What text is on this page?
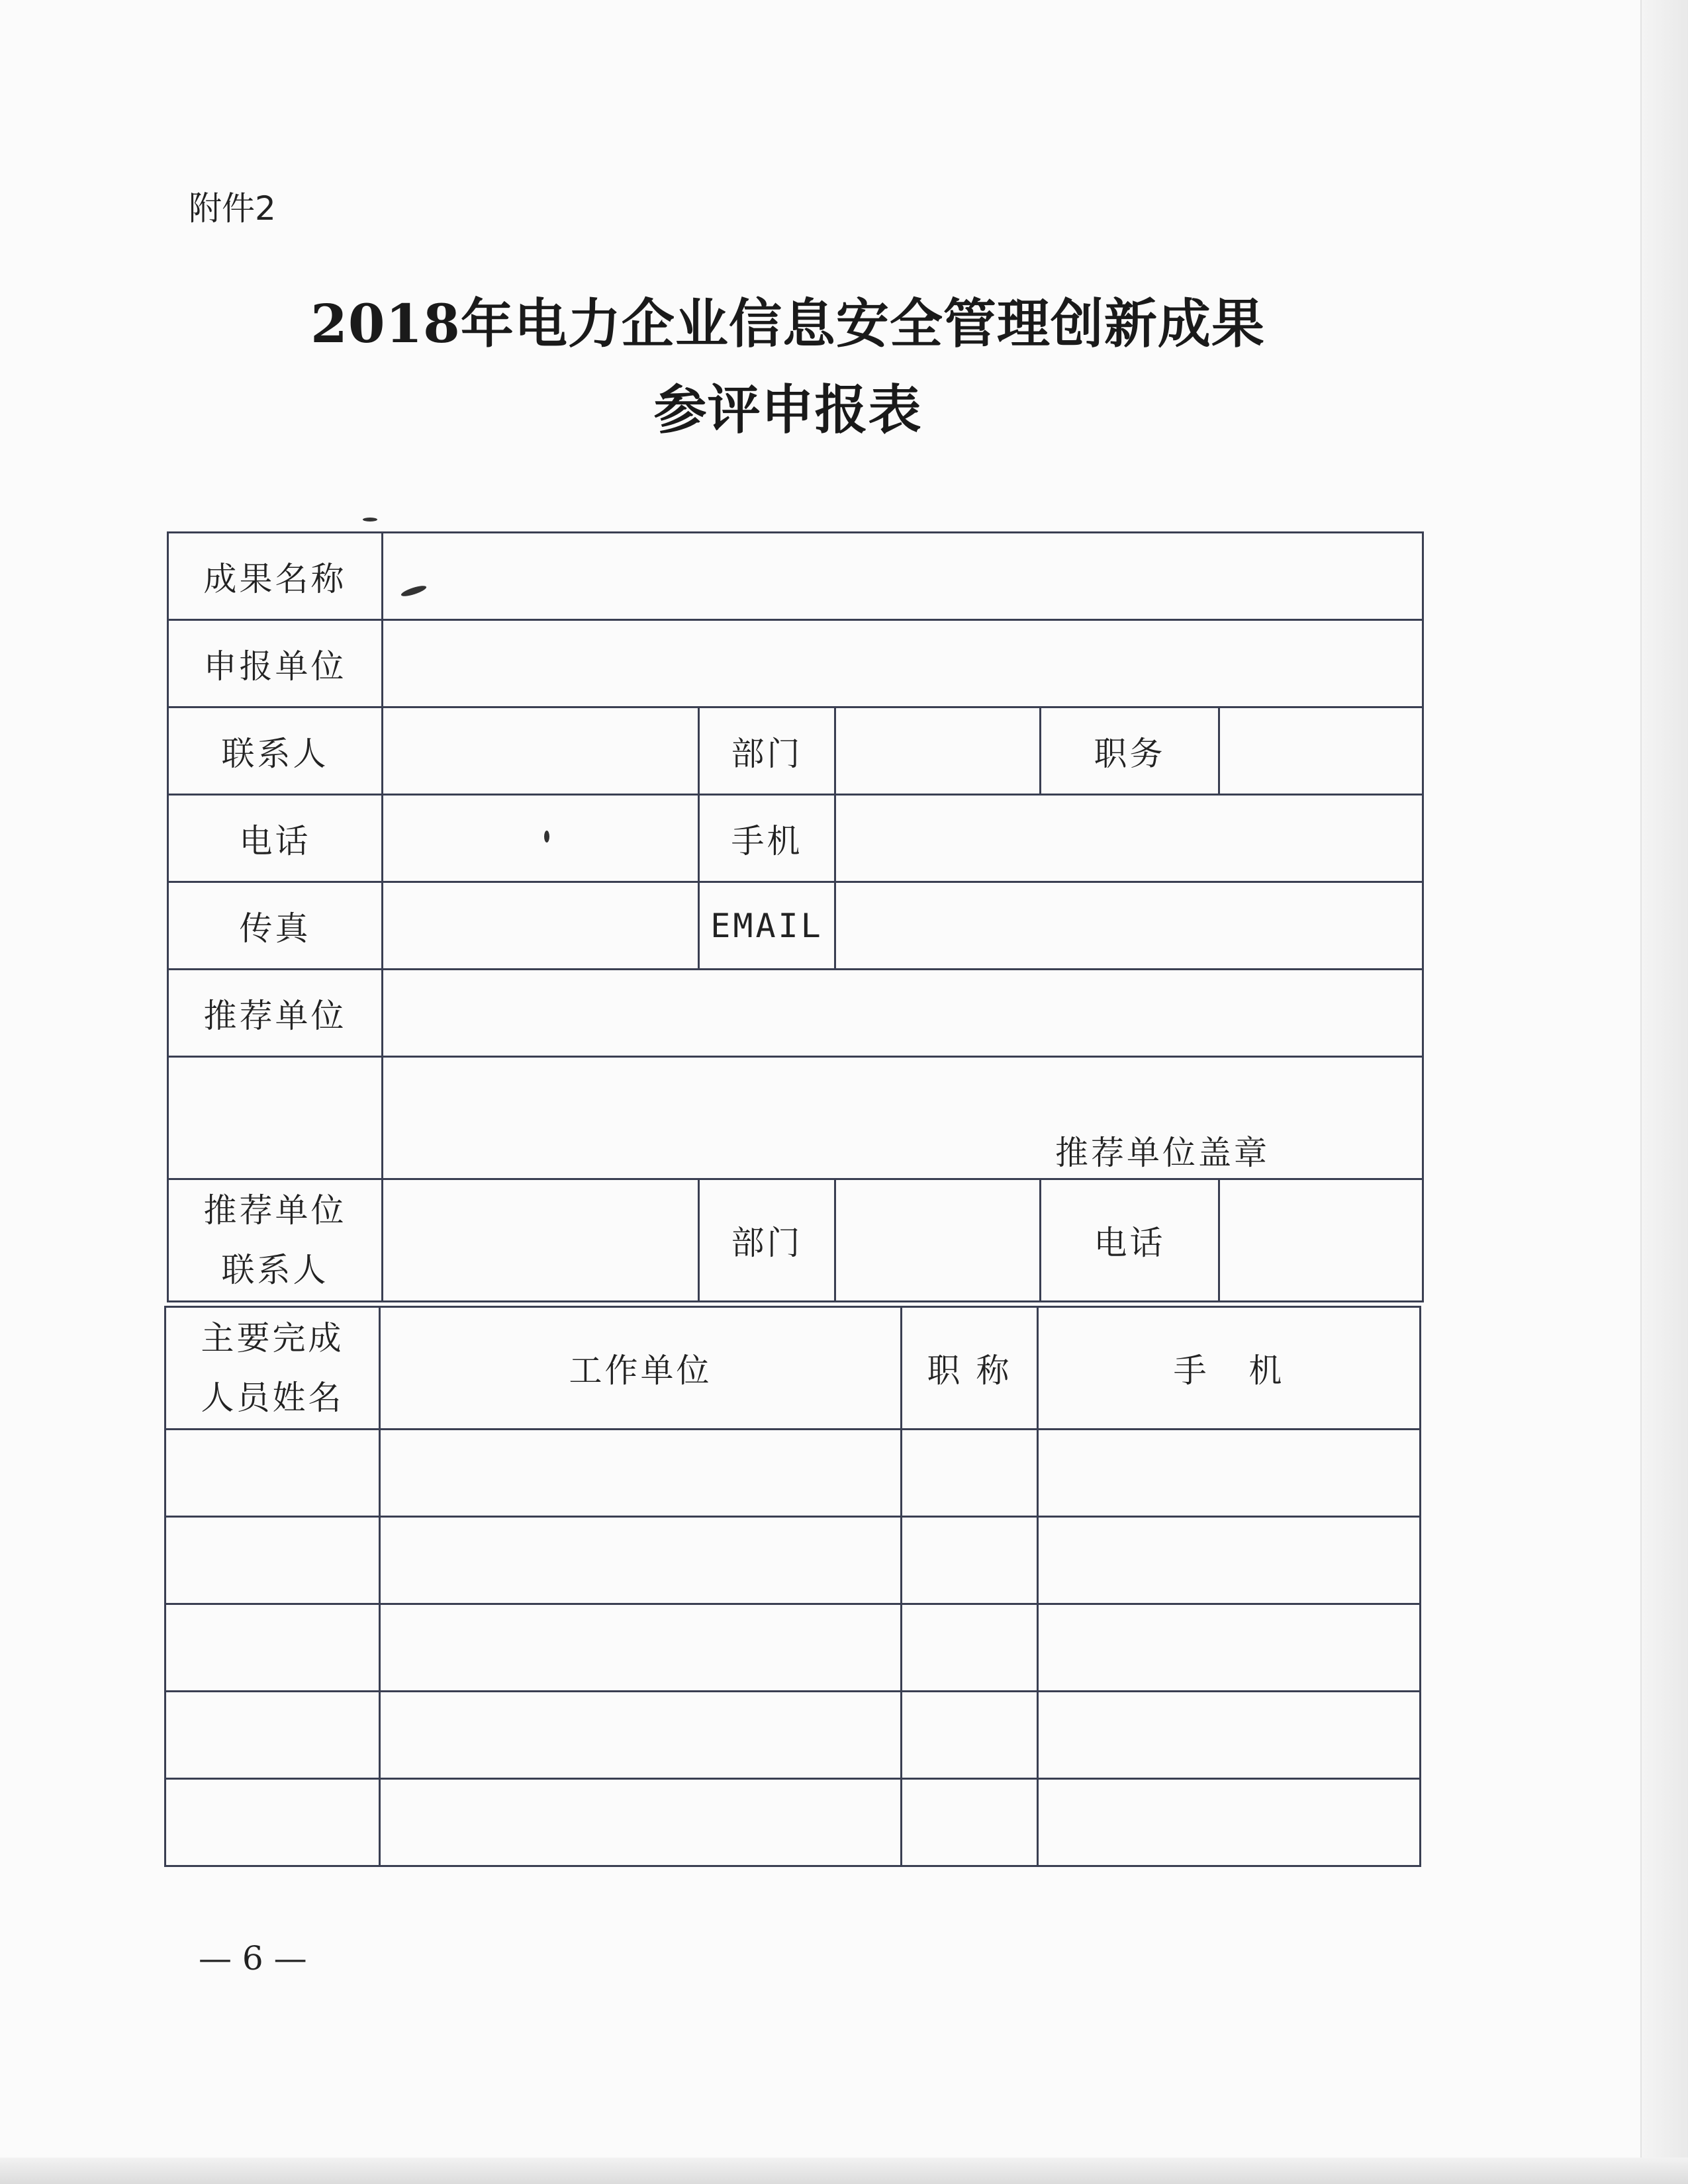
附件2
2018年电力企业信息安全管理创新成果
参评申报表
成果名称					
申报单位					
联系人		部门		职务	
电话		手机			
传真		EMAIL			
推荐单位					

	推荐单位盖章				

推荐单位
联系人		部门		电话	
主要完成
人员姓名	工作单位	职 称	手   机

— 6 —
